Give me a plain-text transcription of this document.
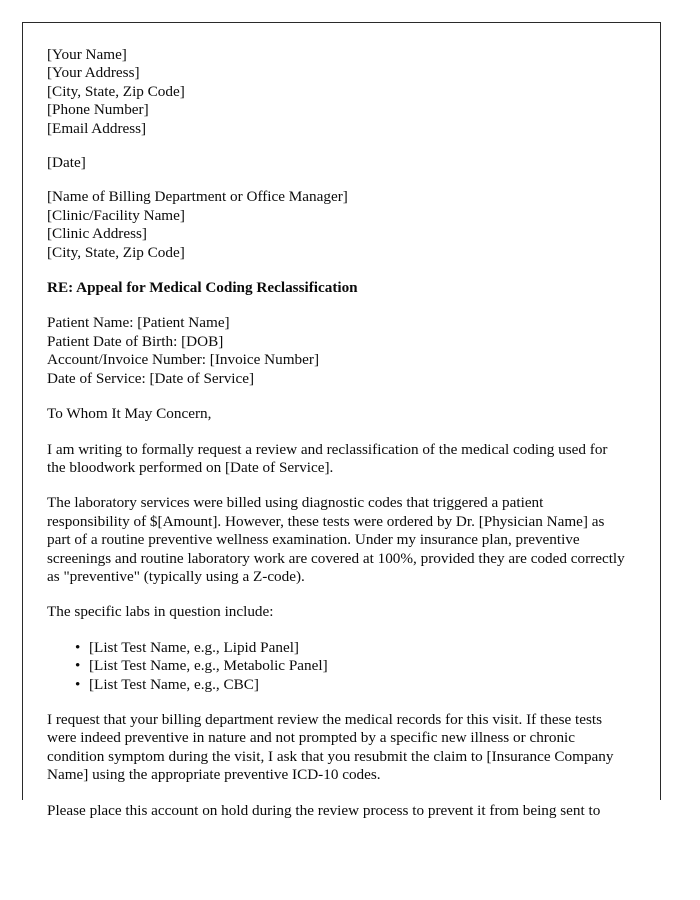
[Your Name]
[Your Address]
[City, State, Zip Code]
[Phone Number]
[Email Address]
[Date]
[Name of Billing Department or Office Manager]
[Clinic/Facility Name]
[Clinic Address]
[City, State, Zip Code]
RE: Appeal for Medical Coding Reclassification
Patient Name: [Patient Name]
Patient Date of Birth: [DOB]
Account/Invoice Number: [Invoice Number]
Date of Service: [Date of Service]

To Whom It May Concern,

I am writing to formally request a review and reclassification of the medical coding used for the bloodwork performed on [Date of Service].

The laboratory services were billed using diagnostic codes that triggered a patient responsibility of $[Amount]. However, these tests were ordered by Dr. [Physician Name] as part of a routine preventive wellness examination. Under my insurance plan, preventive screenings and routine laboratory work are covered at 100%, provided they are coded correctly as "preventive" (typically using a Z-code).

The specific labs in question include:

• [List Test Name, e.g., Lipid Panel]
• [List Test Name, e.g., Metabolic Panel]
• [List Test Name, e.g., CBC]

I request that your billing department review the medical records for this visit. If these tests were indeed preventive in nature and not prompted by a specific new illness or chronic condition symptom during the visit, I ask that you resubmit the claim to [Insurance Company Name] using the appropriate preventive ICD-10 codes.

Please place this account on hold during the review process to prevent it from being sent to
